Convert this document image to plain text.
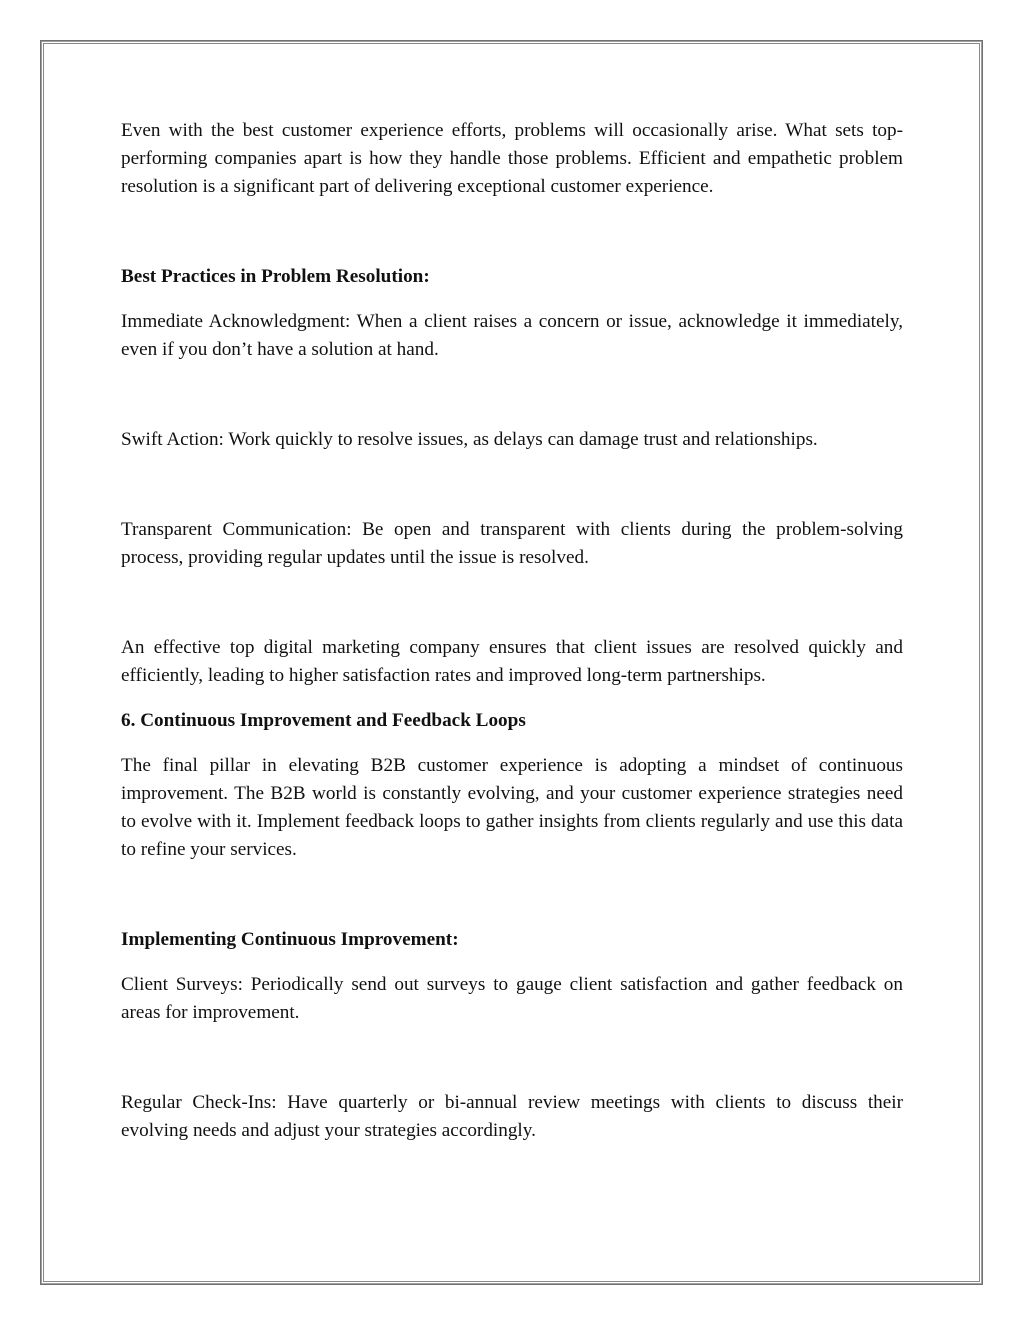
Even with the best customer experience efforts, problems will occasionally arise. What sets top-performing companies apart is how they handle those problems. Efficient and empathetic problem resolution is a significant part of delivering exceptional customer experience.

Best Practices in Problem Resolution:

Immediate Acknowledgment: When a client raises a concern or issue, acknowledge it immediately, even if you don’t have a solution at hand.

Swift Action: Work quickly to resolve issues, as delays can damage trust and relationships.

Transparent Communication: Be open and transparent with clients during the problem-solving process, providing regular updates until the issue is resolved.

An effective top digital marketing company ensures that client issues are resolved quickly and efficiently, leading to higher satisfaction rates and improved long-term partnerships.

6. Continuous Improvement and Feedback Loops

The final pillar in elevating B2B customer experience is adopting a mindset of continuous improvement. The B2B world is constantly evolving, and your customer experience strategies need to evolve with it. Implement feedback loops to gather insights from clients regularly and use this data to refine your services.

Implementing Continuous Improvement:

Client Surveys: Periodically send out surveys to gauge client satisfaction and gather feedback on areas for improvement.

Regular Check-Ins: Have quarterly or bi-annual review meetings with clients to discuss their evolving needs and adjust your strategies accordingly.
